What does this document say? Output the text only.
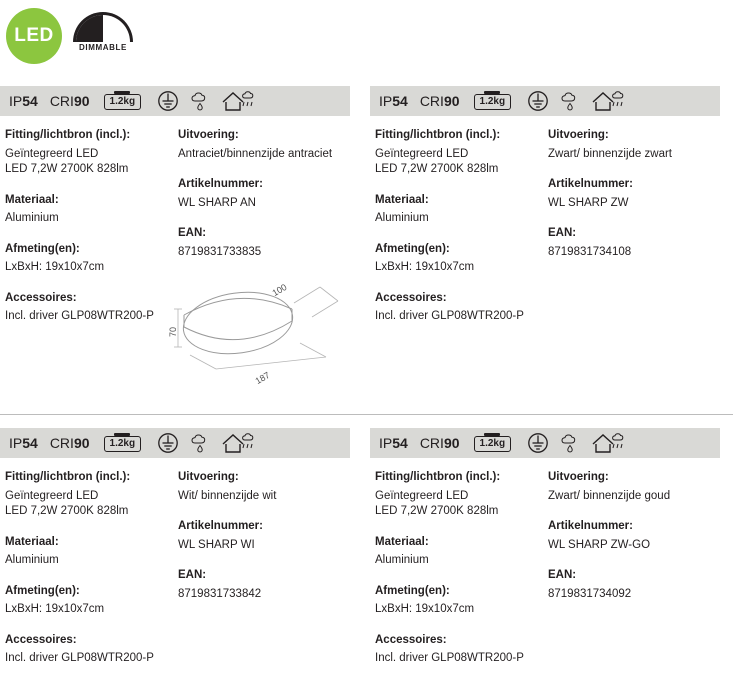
LED
DIMMABLE
IP54 CRI90 1.2kg
Fitting/lichtbron (incl.):
Geïntegreerd LED
LED 7,2W 2700K 828lm
Materiaal:
Aluminium
Afmeting(en):
LxBxH: 19x10x7cm
Accessoires:
Incl. driver GLP08WTR200-P
Uitvoering:
Antraciet/binnenzijde antraciet
Artikelnummer:
WL SHARP AN
EAN:
8719831733835
IP54 CRI90 1.2kg
Fitting/lichtbron (incl.):
Geïntegreerd LED
LED 7,2W 2700K 828lm
Materiaal:
Aluminium
Afmeting(en):
LxBxH: 19x10x7cm
Accessoires:
Incl. driver GLP08WTR200-P
Uitvoering:
Zwart/ binnenzijde zwart
Artikelnummer:
WL SHARP ZW
EAN:
8719831734108
100
187
70
IP54 CRI90 1.2kg
Fitting/lichtbron (incl.):
Geïntegreerd LED
LED 7,2W 2700K 828lm
Materiaal:
Aluminium
Afmeting(en):
LxBxH: 19x10x7cm
Accessoires:
Incl. driver GLP08WTR200-P
Uitvoering:
Wit/ binnenzijde wit
Artikelnummer:
WL SHARP WI
EAN:
8719831733842
IP54 CRI90 1.2kg
Fitting/lichtbron (incl.):
Geïntegreerd LED
LED 7,2W 2700K 828lm
Materiaal:
Aluminium
Afmeting(en):
LxBxH: 19x10x7cm
Accessoires:
Incl. driver GLP08WTR200-P
Uitvoering:
Zwart/ binnenzijde goud
Artikelnummer:
WL SHARP ZW-GO
EAN:
8719831734092
